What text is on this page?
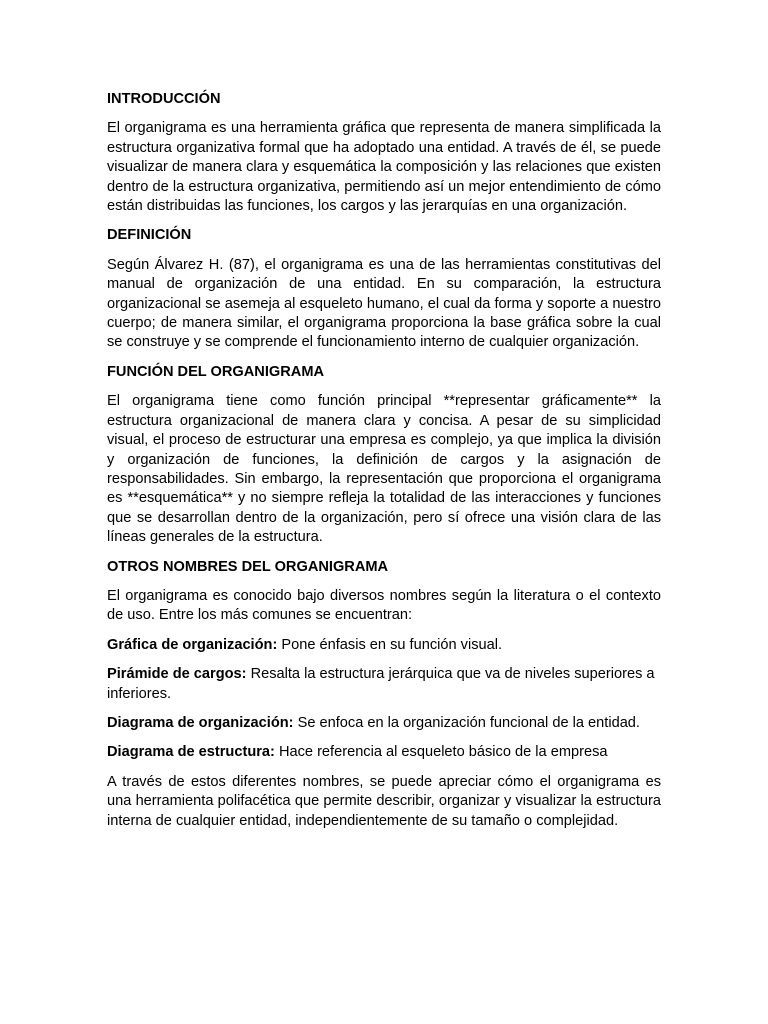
INTRODUCCIÓN
El organigrama es una herramienta gráfica que representa de manera simplificada la estructura organizativa formal que ha adoptado una entidad. A través de él, se puede visualizar de manera clara y esquemática la composición y las relaciones que existen dentro de la estructura organizativa, permitiendo así un mejor entendimiento de cómo están distribuidas las funciones, los cargos y las jerarquías en una organización.
DEFINICIÓN
Según Álvarez H. (87), el organigrama es una de las herramientas constitutivas del manual de organización de una entidad. En su comparación, la estructura organizacional se asemeja al esqueleto humano, el cual da forma y soporte a nuestro cuerpo; de manera similar, el organigrama proporciona la base gráfica sobre la cual se construye y se comprende el funcionamiento interno de cualquier organización.
FUNCIÓN DEL ORGANIGRAMA
El organigrama tiene como función principal **representar gráficamente** la estructura organizacional de manera clara y concisa. A pesar de su simplicidad visual, el proceso de estructurar una empresa es complejo, ya que implica la división y organización de funciones, la definición de cargos y la asignación de responsabilidades. Sin embargo, la representación que proporciona el organigrama es **esquemática** y no siempre refleja la totalidad de las interacciones y funciones que se desarrollan dentro de la organización, pero sí ofrece una visión clara de las líneas generales de la estructura.
OTROS NOMBRES DEL ORGANIGRAMA
El organigrama es conocido bajo diversos nombres según la literatura o el contexto de uso. Entre los más comunes se encuentran:
Gráfica de organización: Pone énfasis en su función visual.
Pirámide de cargos: Resalta la estructura jerárquica que va de niveles superiores a inferiores.
Diagrama de organización: Se enfoca en la organización funcional de la entidad.
Diagrama de estructura: Hace referencia al esqueleto básico de la empresa
A través de estos diferentes nombres, se puede apreciar cómo el organigrama es una herramienta polifacética que permite describir, organizar y visualizar la estructura interna de cualquier entidad, independientemente de su tamaño o complejidad.
